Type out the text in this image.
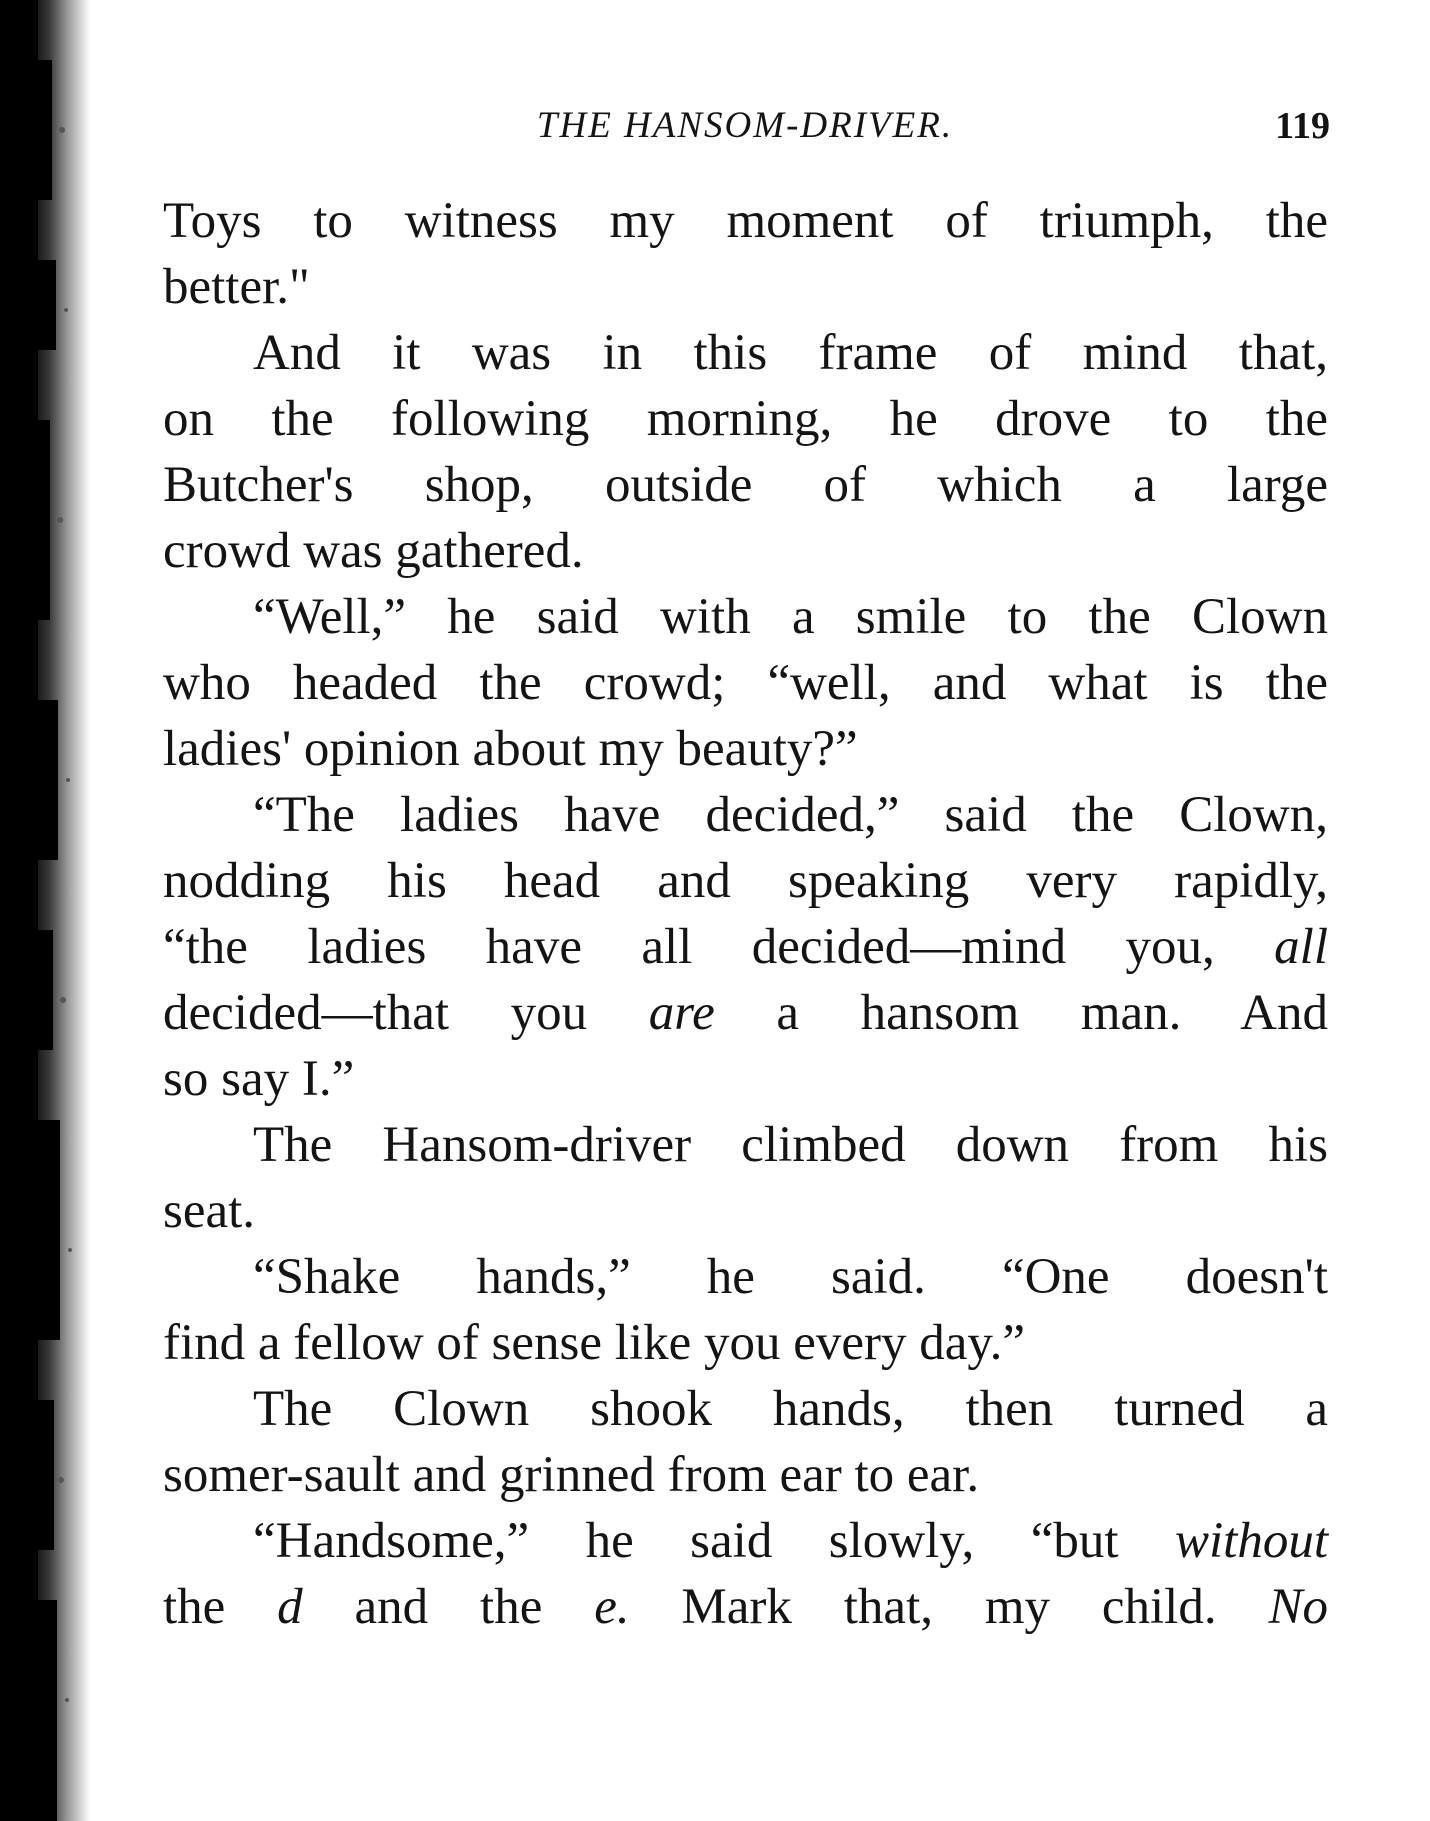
THE HANSOM-DRIVER.	119
Toys to witness my moment of triumph, the
better."
And it was in this frame of mind that,
on the following morning, he drove to the
Butcher's shop, outside of which a large
crowd was gathered.
“Well,” he said with a smile to the Clown
who headed the crowd; “well, and what is the
ladies' opinion about my beauty?”
“The ladies have decided,” said the Clown,
nodding his head and speaking very rapidly,
“the ladies have all decided—mind you, all
decided—that you are a hansom man. And
so say I.”
The Hansom-driver climbed down from his
seat.
“Shake hands,” he said. “One doesn't
find a fellow of sense like you every day.”
The Clown shook hands, then turned a
somer-sault and grinned from ear to ear.
“Handsome,” he said slowly, “but without
the d and the e. Mark that, my child. No
